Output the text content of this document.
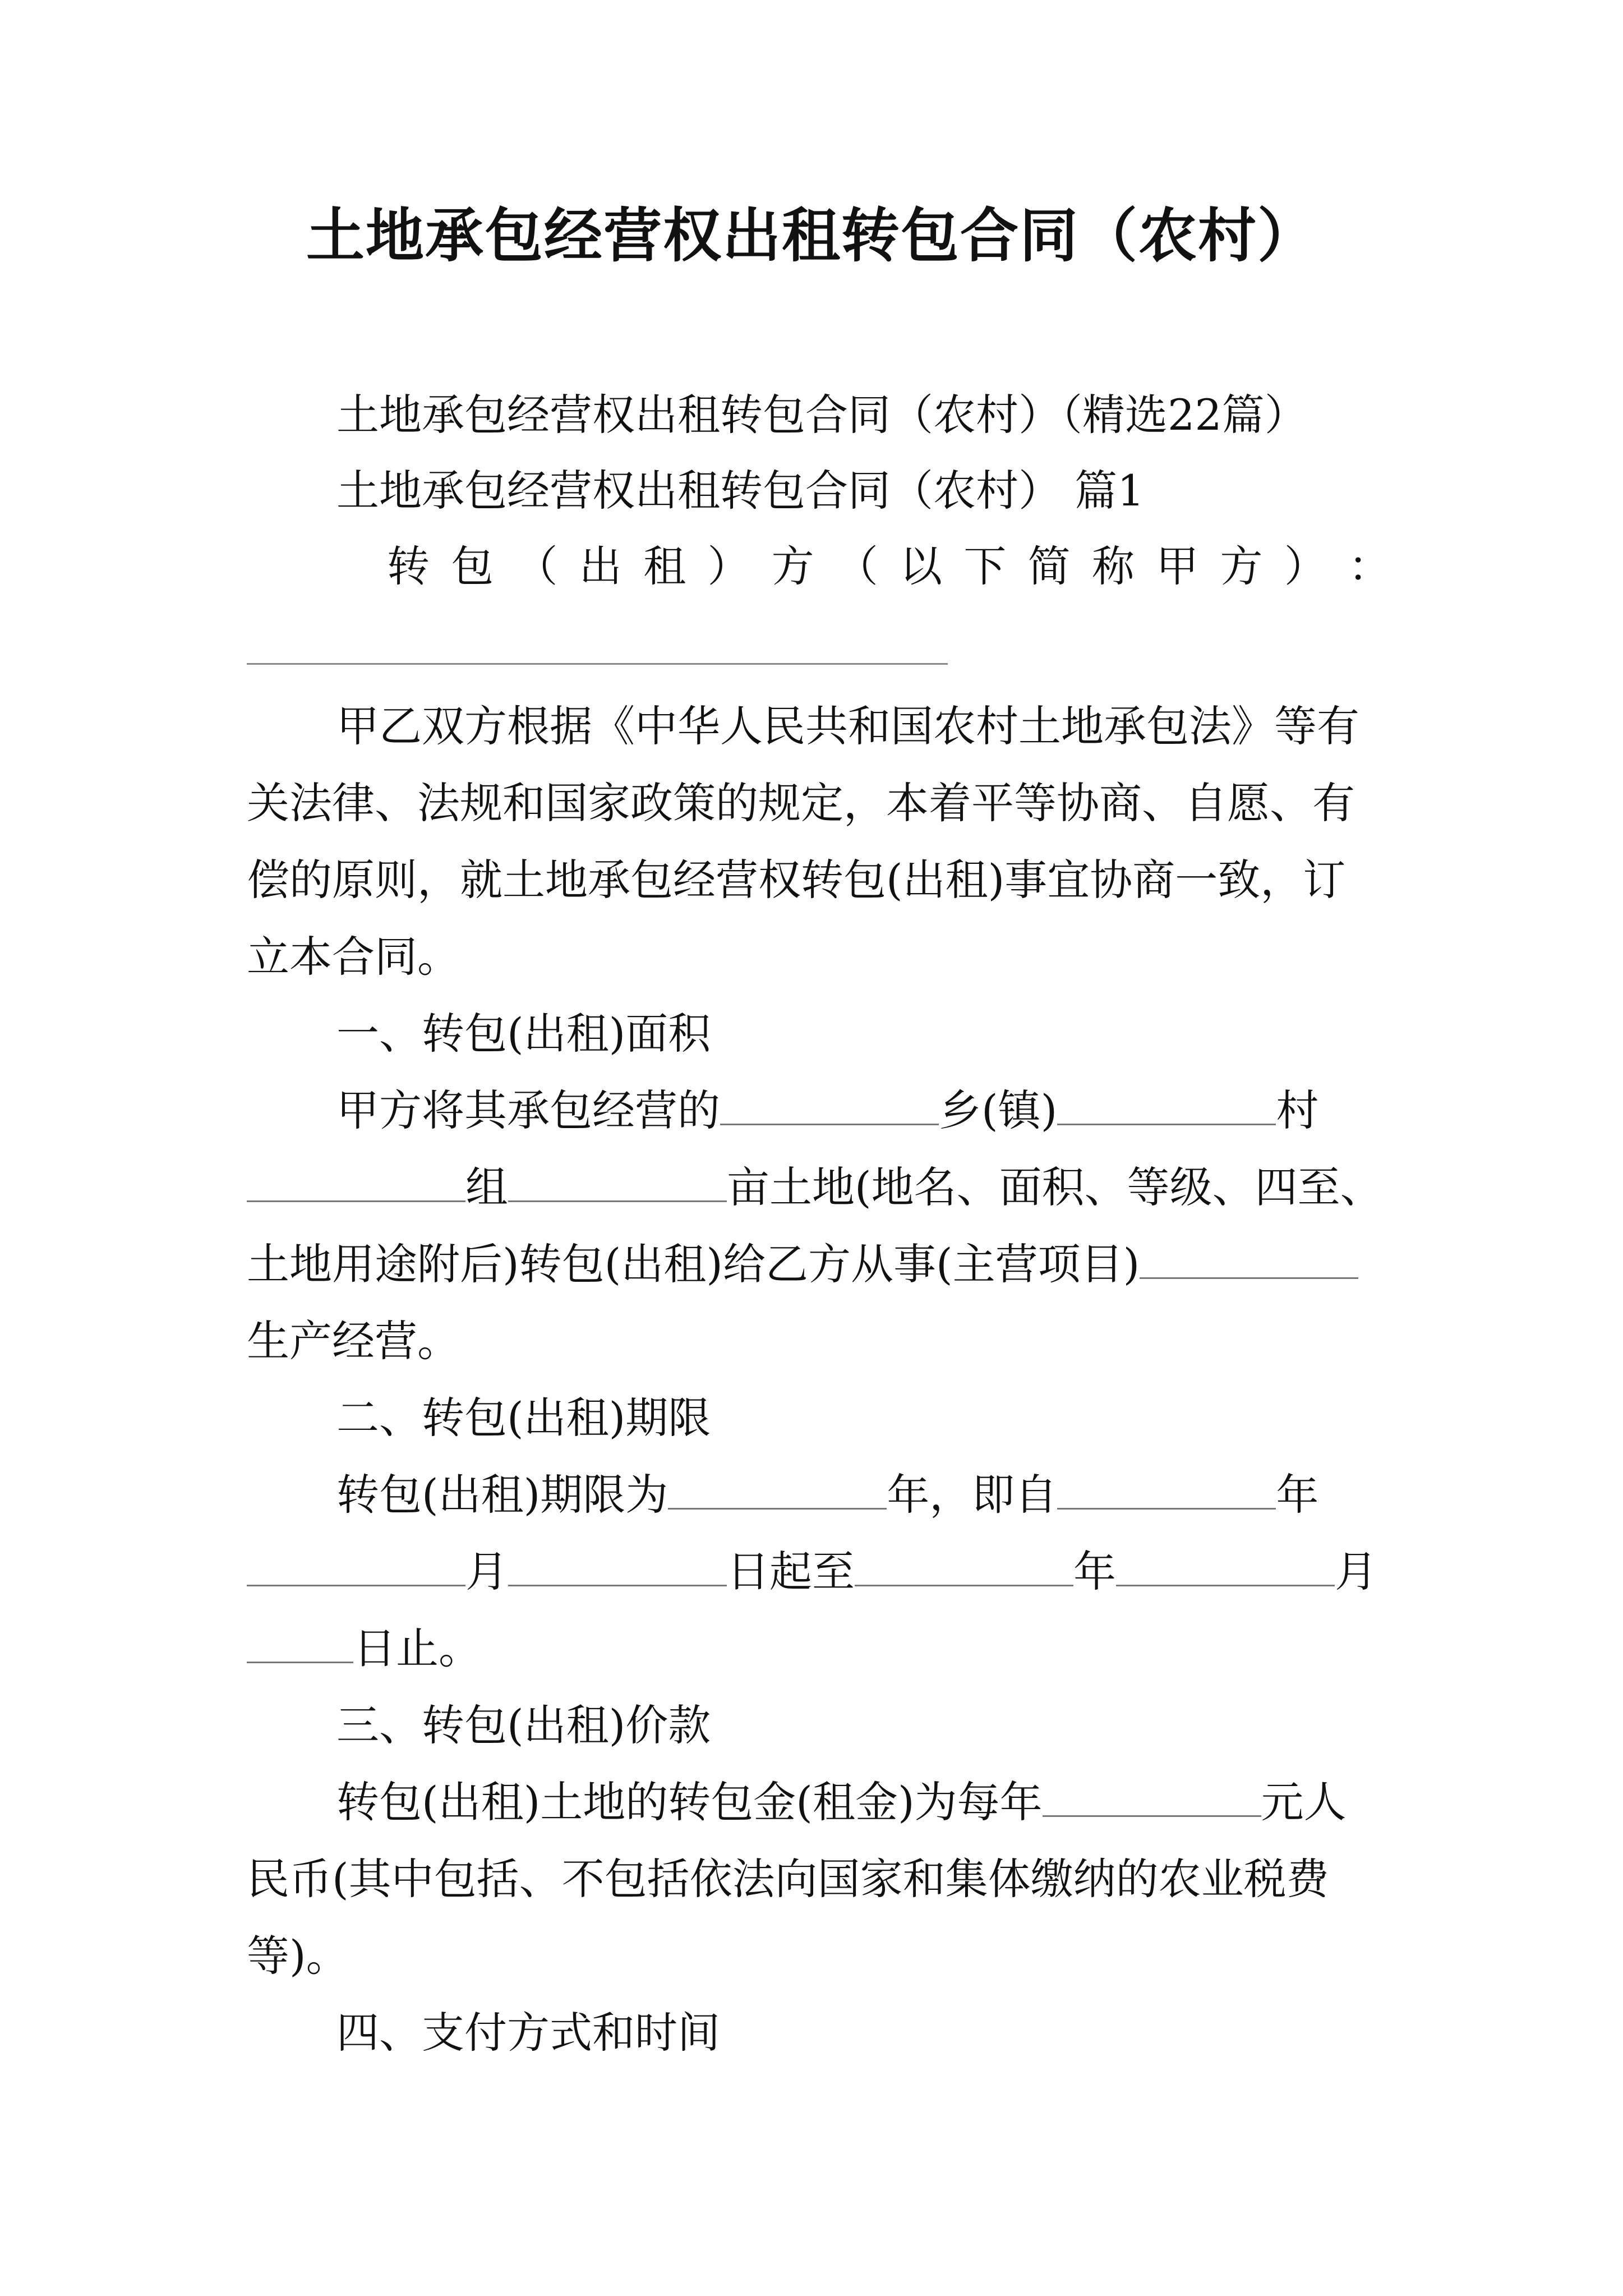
土地承包经营权出租转包合同（农村）
土地承包经营权出租转包合同（农村）（精选22篇）
土地承包经营权出租转包合同（农村） 篇1
转 包 （ 出 租 ） 方 （ 以 下 简 称 甲 方 ） ：
甲乙双方根据《中华人民共和国农村土地承包法》等有
关法律、法规和国家政策的规定，本着平等协商、自愿、有
偿的原则，就土地承包经营权转包(出租)事宜协商一致，订
立本合同。
一、转包(出租)面积
甲方将其承包经营的	乡(镇)	村
组	亩土地(地名、面积、等级、四至、
土地用途附后)转包(出租)给乙方从事(主营项目)
生产经营。
二、转包(出租)期限
转包(出租)期限为	年，即自	年
月	日起至	年	月
日止。
三、转包(出租)价款
转包(出租)土地的转包金(租金)为每年	元人
民币(其中包括、不包括依法向国家和集体缴纳的农业税费
等)。
四、支付方式和时间
